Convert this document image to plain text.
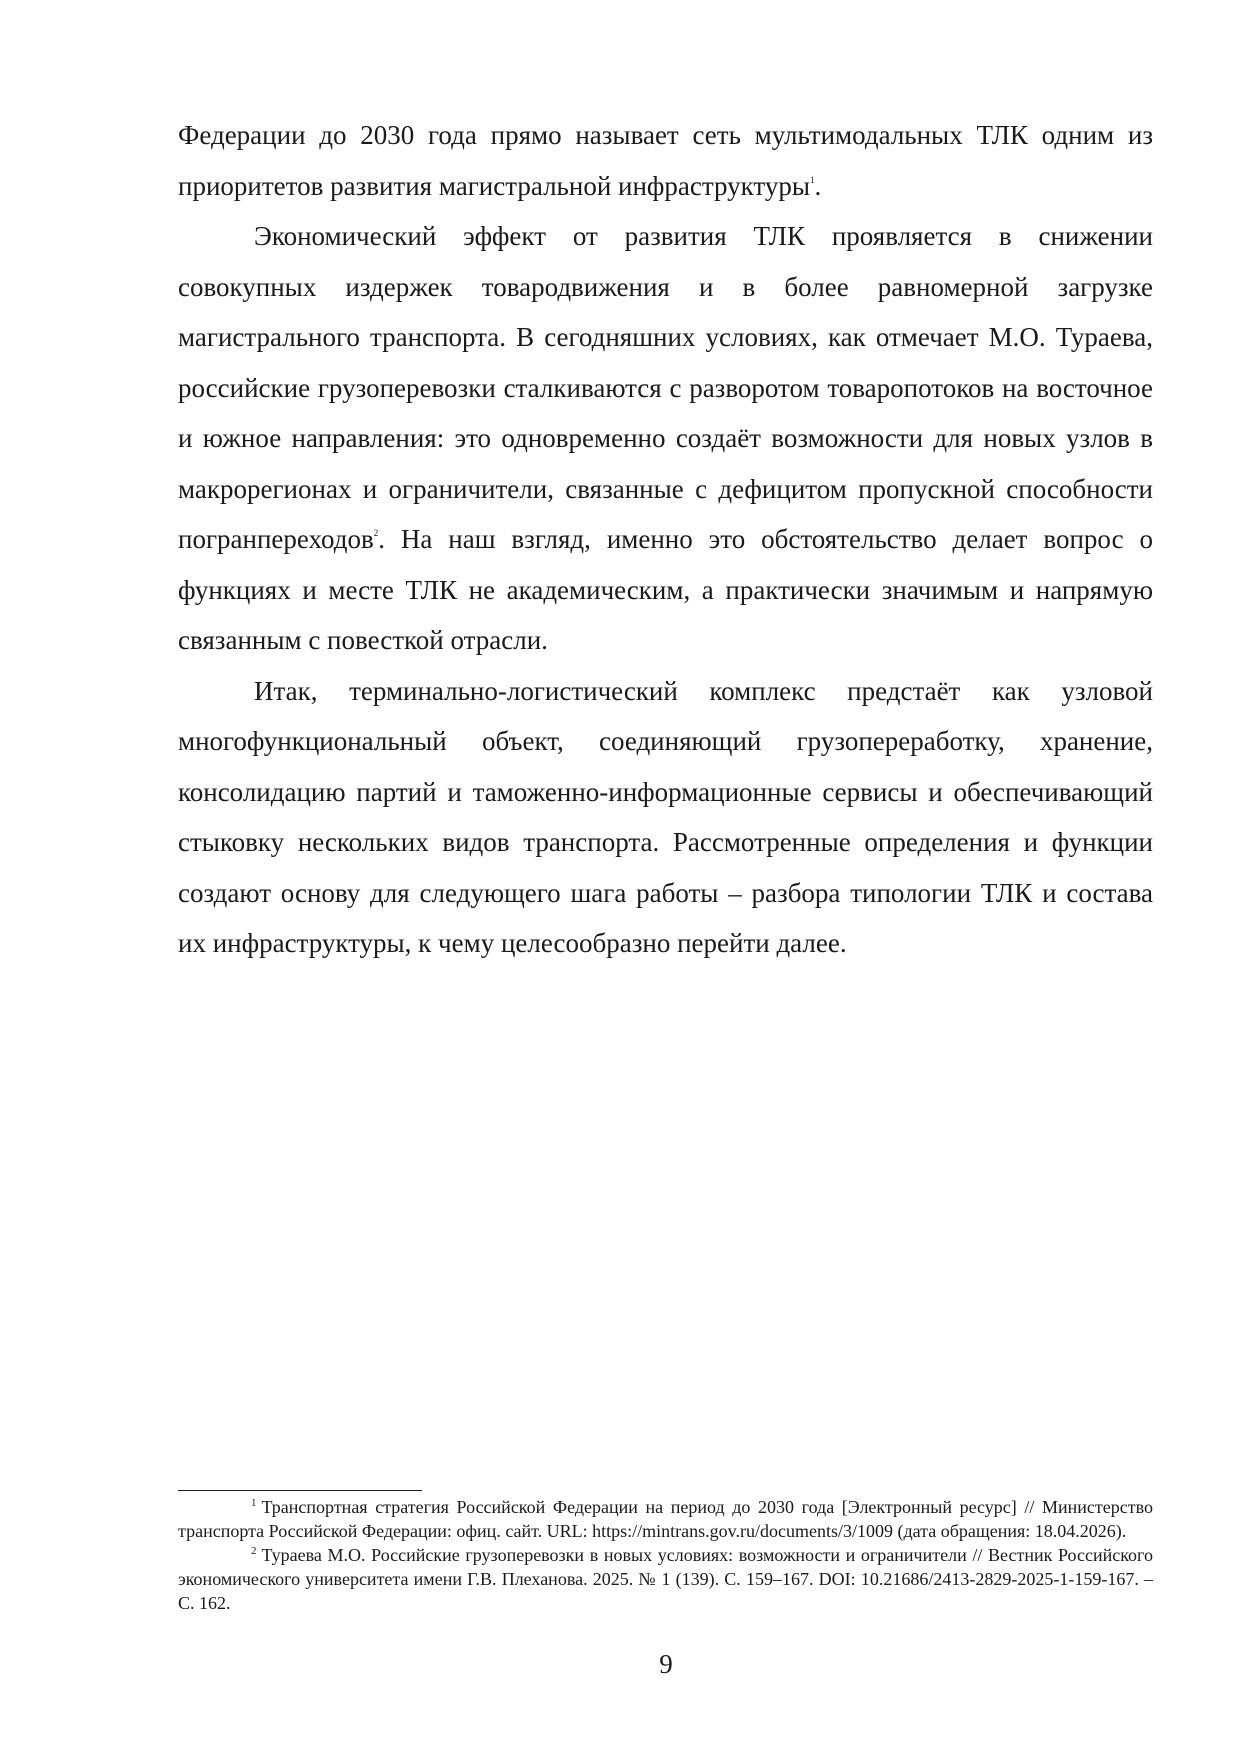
Федерации до 2030 года прямо называет сеть мультимодальных ТЛК одним из приоритетов развития магистральной инфраструктуры$^1$.

Экономический эффект от развития ТЛК проявляется в снижении совокупных издержек товародвижения и в более равномерной загрузке магистрального транспорта. В сегодняшних условиях, как отмечает М.О. Тураева, российские грузоперевозки сталкиваются с разворотом товаропотоков на восточное и южное направления: это одновременно создаёт возможности для новых узлов в макрорегионах и ограничители, связанные с дефицитом пропускной способности погранпереходов$^2$. На наш взгляд, именно это обстоятельство делает вопрос о функциях и месте ТЛК не академическим, а практически значимым и напрямую связанным с повесткой отрасли.

Итак, терминально-логистический комплекс предстаёт как узловой многофункциональный объект, соединяющий грузопереработку, хранение, консолидацию партий и таможенно-информационные сервисы и обеспечивающий стыковку нескольких видов транспорта. Рассмотренные определения и функции создают основу для следующего шага работы – разбора типологии ТЛК и состава их инфраструктуры, к чему целесообразно перейти далее.

$^1$ Транспортная стратегия Российской Федерации на период до 2030 года [Электронный ресурс] // Министерство транспорта Российской Федерации: офиц. сайт. URL: https://mintrans.gov.ru/documents/3/1009 (дата обращения: 18.04.2026).

$^2$ Тураева М.О. Российские грузоперевозки в новых условиях: возможности и ограничители // Вестник Российского экономического университета имени Г.В. Плеханова. 2025. № 1 (139). С. 159–167. DOI: 10.21686/2413-2829-2025-1-159-167. – С. 162.

9
